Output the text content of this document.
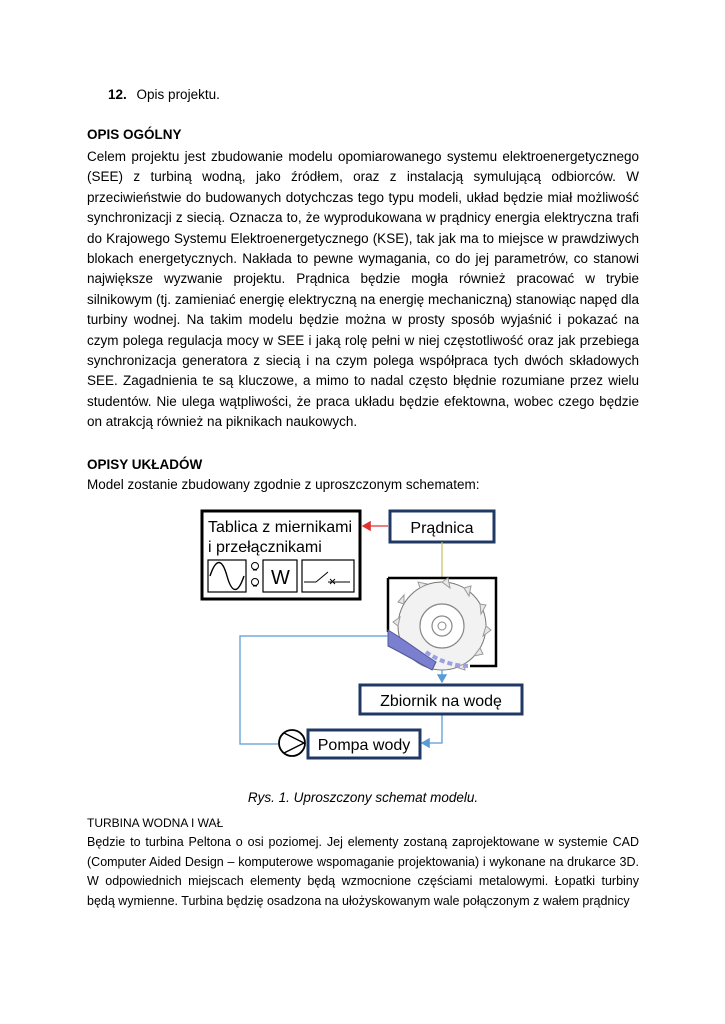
12. Opis projektu.
OPIS OGÓLNY

Celem projektu jest zbudowanie modelu opomiarowanego systemu elektroenergetycznego (SEE) z turbiną wodną, jako źródłem, oraz z instalacją symulującą odbiorców. W przeciwieństwie do budowanych dotychczas tego typu modeli, układ będzie miał możliwość synchronizacji z siecią. Oznacza to, że wyprodukowana w prądnicy energia elektryczna trafi do Krajowego Systemu Elektroenergetycznego (KSE), tak jak ma to miejsce w prawdziwych blokach energetycznych. Nakłada to pewne wymagania, co do jej parametrów, co stanowi największe wyzwanie projektu. Prądnica będzie mogła również pracować w trybie silnikowym (tj. zamieniać energię elektryczną na energię mechaniczną) stanowiąc napęd dla turbiny wodnej. Na takim modelu będzie można w prosty sposób wyjaśnić i pokazać na czym polega regulacja mocy w SEE i jaką rolę pełni w niej częstotliwość oraz jak przebiega synchronizacja generatora z siecią i na czym polega współpraca tych dwóch składowych SEE. Zagadnienia te są kluczowe, a mimo to nadal często błędnie rozumiane przez wielu studentów. Nie ulega wątpliwości, że praca układu będzie efektowna, wobec czego będzie on atrakcją również na piknikach naukowych.

OPISY UKŁADÓW

Model zostanie zbudowany zgodnie z uproszczonym schematem:

Tablica z miernikami
i przełącznikami
W
Prądnica
Zbiornik na wodę
Pompa wody
Rys. 1. Uproszczony schemat modelu.
TURBINA WODNA I WAŁ

Będzie to turbina Peltona o osi poziomej. Jej elementy zostaną zaprojektowane w systemie CAD (Computer Aided Design – komputerowe wspomaganie projektowania) i wykonane na drukarce 3D. W odpowiednich miejscach elementy będą wzmocnione częściami metalowymi. Łopatki turbiny będą wymienne. Turbina będzię osadzona na ułożyskowanym wale połączonym z wałem prądnicy
